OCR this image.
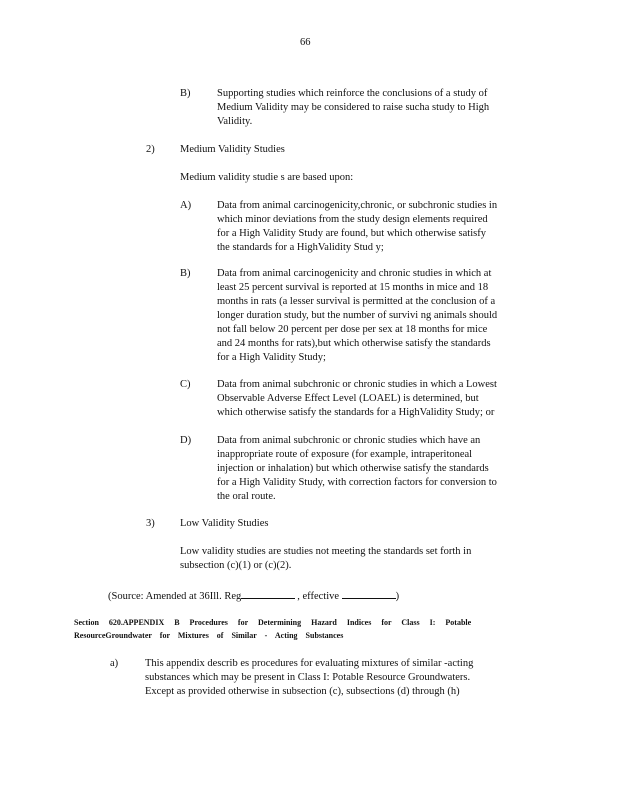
66
B)	Supporting studies which reinforce the conclusions of a study of
Medium Validity may be considered to raise sucha study to High
Validity.
2) Medium Validity Studies
Medium validity studie s are based upon:
A) Data from animal carcinogenicity,chronic, or subchronic studies in
which minor deviations from the study design elements required
for a High Validity Study are found, but which otherwise satisfy
the standards for a HighValidity Stud y;
B)	Data from animal carcinogenicity and chronic studies in which at
least 25 percent survival is reported at 15 months in mice and 18
months in rats (a lesser survival is permitted at the conclusion of a
longer duration study, but the number of survivi ng animals should
not fall below 20 percent per dose per sex at 18 months for mice
and 24 months for rats),but which otherwise satisfy the standards
for a High Validity Study;
C)	Data from animal subchronic or chronic studies in which a Lowest
Observable Adverse Effect Level (LOAEL) is determined, but
which otherwise satisfy the standards for a HighValidity Study; or
D) Data from animal subchronic or chronic studies which have an
inappropriate route of exposure (for example, intraperitoneal
injection or inhalation) but which otherwise satisfy the standards
for a High Validity Study, with correction factors for conversion to
the oral route.
3) Low Validity Studies
Low validity studies are studies not meeting the standards set forth in
subsection (c)(1) or (c)(2).
(Source: Amended at 36Ill. Reg	, effective	)
Section 620.APPENDIX B Procedures for Determining Hazard Indices for Class I: Potable
ResourceGroundwater for Mixtures of Similar - Acting Substances
a)	This appendix describ es procedures for evaluating mixtures of similar -acting
substances which may be present in Class I: Potable Resource Groundwaters.
Except as provided otherwise in subsection (c), subsections (d) through (h)
